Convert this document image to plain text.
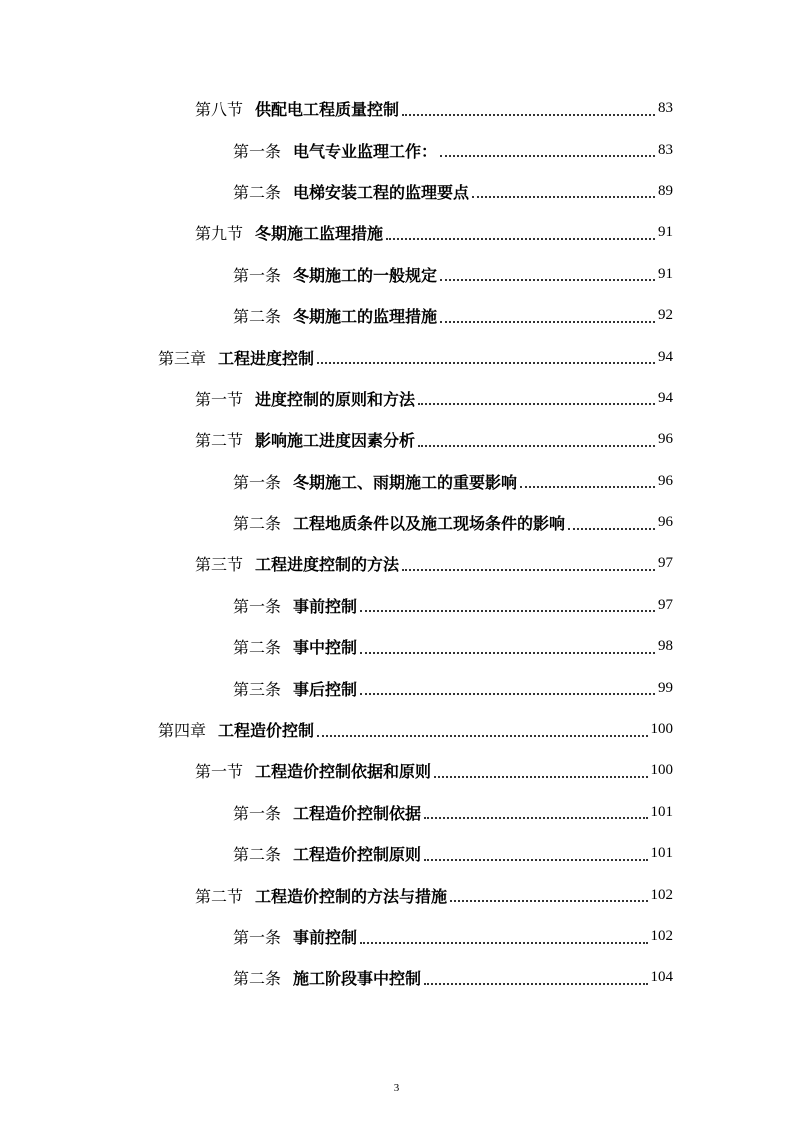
第八节 供配电工程质量控制	83
第一条 电气专业监理工作：	83
第二条 电梯安装工程的监理要点	89
第九节 冬期施工监理措施	91
第一条 冬期施工的一般规定	91
第二条 冬期施工的监理措施	92
第三章 工程进度控制	94
第一节 进度控制的原则和方法	94
第二节 影响施工进度因素分析	96
第一条 冬期施工、雨期施工的重要影响	96
第二条 工程地质条件以及施工现场条件的影响	96
第三节 工程进度控制的方法	97
第一条 事前控制	97
第二条 事中控制	98
第三条 事后控制	99
第四章 工程造价控制	100
第一节 工程造价控制依据和原则	100
第一条 工程造价控制依据	101
第二条 工程造价控制原则	101
第二节 工程造价控制的方法与措施	102
第一条 事前控制	102
第二条 施工阶段事中控制	104
3
